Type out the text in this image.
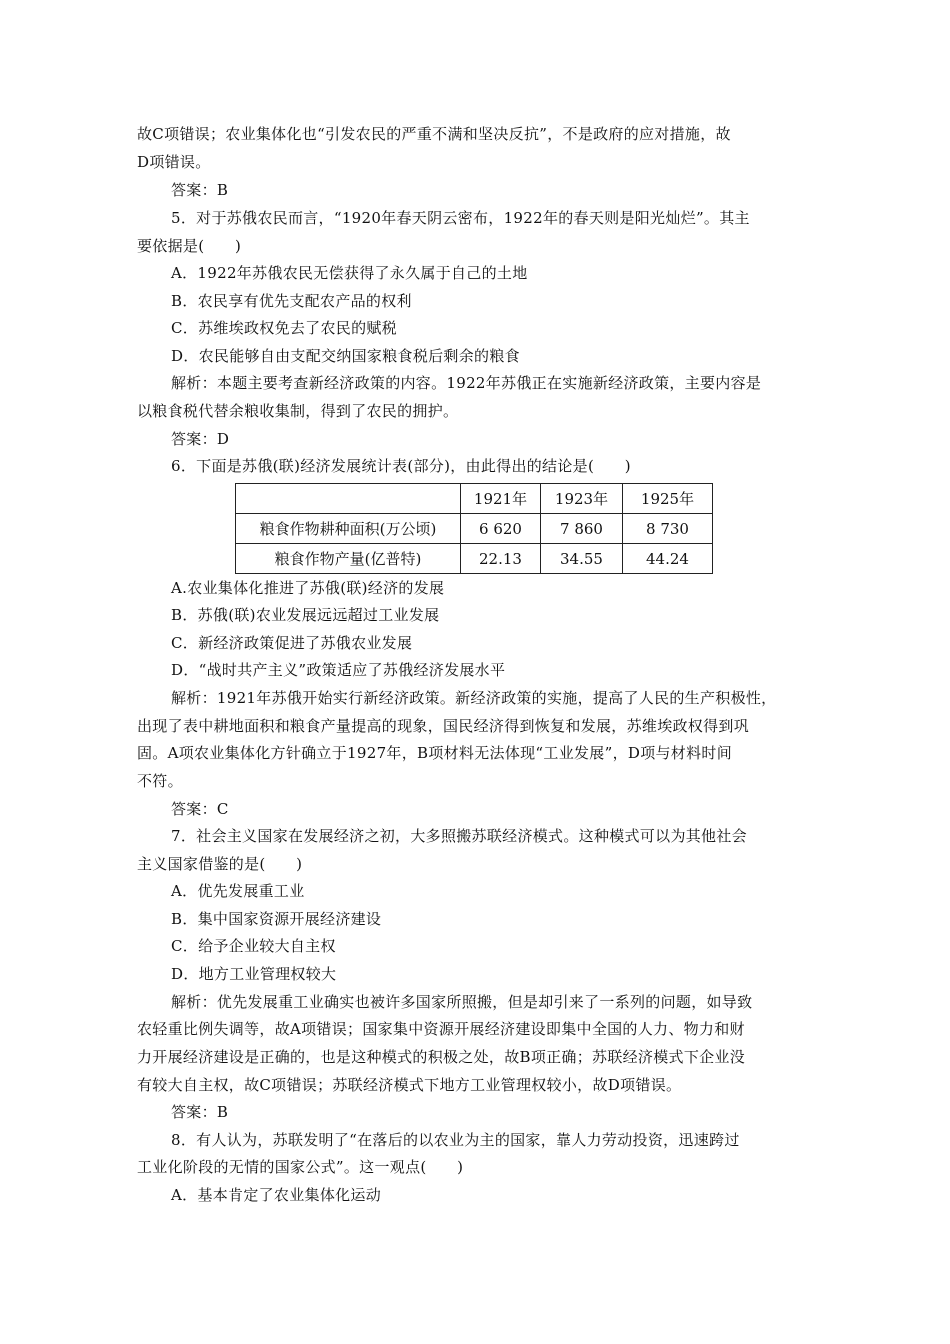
故C项错误；农业集体化也“引发农民的严重不满和坚决反抗”，不是政府的应对措施，故
D项错误。
答案：B
5．对于苏俄农民而言，“1920年春天阴云密布，1922年的春天则是阳光灿烂”。其主
要依据是(　　)
A．1922年苏俄农民无偿获得了永久属于自己的土地
B．农民享有优先支配农产品的权利
C．苏维埃政权免去了农民的赋税
D．农民能够自由支配交纳国家粮食税后剩余的粮食
解析：本题主要考查新经济政策的内容。1922年苏俄正在实施新经济政策，主要内容是
以粮食税代替余粮收集制，得到了农民的拥护。
答案：D
6．下面是苏俄(联)经济发展统计表(部分)，由此得出的结论是(　　)
	1921年	1923年	1925年
粮食作物耕种面积(万公顷)	6 620	7 860	8 730
粮食作物产量(亿普特)	22.13	34.55	44.24
A.农业集体化推进了苏俄(联)经济的发展
B．苏俄(联)农业发展远远超过工业发展
C．新经济政策促进了苏俄农业发展
D．“战时共产主义”政策适应了苏俄经济发展水平
解析：1921年苏俄开始实行新经济政策。新经济政策的实施，提高了人民的生产积极性，
出现了表中耕地面积和粮食产量提高的现象，国民经济得到恢复和发展，苏维埃政权得到巩
固。A项农业集体化方针确立于1927年，B项材料无法体现“工业发展”，D项与材料时间
不符。
答案：C
7．社会主义国家在发展经济之初，大多照搬苏联经济模式。这种模式可以为其他社会
主义国家借鉴的是(　　)
A．优先发展重工业
B．集中国家资源开展经济建设
C．给予企业较大自主权
D．地方工业管理权较大
解析：优先发展重工业确实也被许多国家所照搬，但是却引来了一系列的问题，如导致
农轻重比例失调等，故A项错误；国家集中资源开展经济建设即集中全国的人力、物力和财
力开展经济建设是正确的，也是这种模式的积极之处，故B项正确；苏联经济模式下企业没
有较大自主权，故C项错误；苏联经济模式下地方工业管理权较小，故D项错误。
答案：B
8．有人认为，苏联发明了“在落后的以农业为主的国家，靠人力劳动投资，迅速跨过
工业化阶段的无情的国家公式”。这一观点(　　)
A．基本肯定了农业集体化运动
